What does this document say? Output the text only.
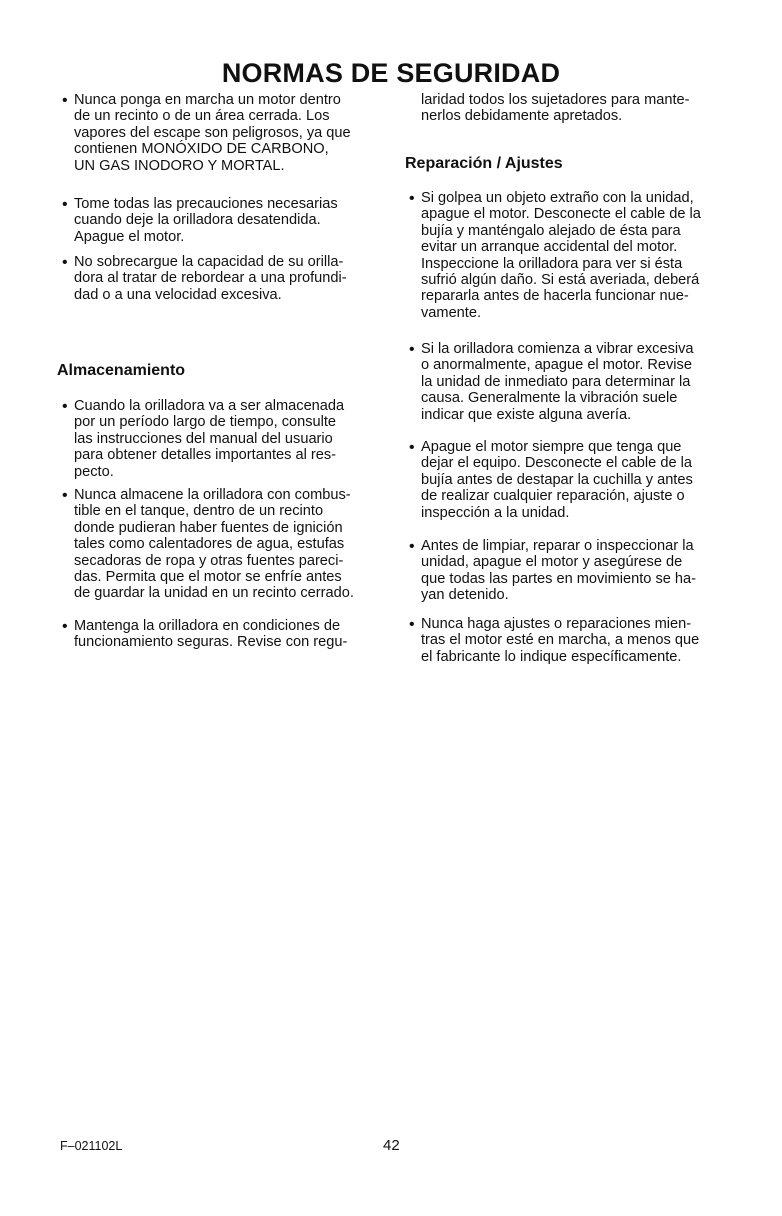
NORMAS DE SEGURIDAD
• Nunca ponga en marcha un motor dentro
de un recinto o de un área cerrada. Los
vapores del escape son peligrosos, ya que
contienen MONÓXIDO DE CARBONO,
UN GAS INODORO Y MORTAL.
• Tome todas las precauciones necesarias
cuando deje la orilladora desatendida.
Apague el motor.
• No sobrecargue la capacidad de su orilla-
dora al tratar de rebordear a una profundi-
dad o a una velocidad excesiva.
Almacenamiento
• Cuando la orilladora va a ser almacenada
por un período largo de tiempo, consulte
las instrucciones del manual del usuario
para obtener detalles importantes al res-
pecto.
• Nunca almacene la orilladora con combus-
tible en el tanque, dentro de un recinto
donde pudieran haber fuentes de ignición
tales como calentadores de agua, estufas
secadoras de ropa y otras fuentes pareci-
das. Permita que el motor se enfríe antes
de guardar la unidad en un recinto cerrado.
• Mantenga la orilladora en condiciones de
funcionamiento seguras. Revise con regu-
laridad todos los sujetadores para mante-
nerlos debidamente apretados.
Reparación / Ajustes
• Si golpea un objeto extraño con la unidad,
apague el motor. Desconecte el cable de la
bujía y manténgalo alejado de ésta para
evitar un arranque accidental del motor.
Inspeccione la orilladora para ver si ésta
sufrió algún daño. Si está averiada, deberá
repararla antes de hacerla funcionar nue-
vamente.
• Si la orilladora comienza a vibrar excesiva
o anormalmente, apague el motor. Revise
la unidad de inmediato para determinar la
causa. Generalmente la vibración suele
indicar que existe alguna avería.
• Apague el motor siempre que tenga que
dejar el equipo. Desconecte el cable de la
bujía antes de destapar la cuchilla y antes
de realizar cualquier reparación, ajuste o
inspección a la unidad.
• Antes de limpiar, reparar o inspeccionar la
unidad, apague el motor y asegúrese de
que todas las partes en movimiento se ha-
yan detenido.
• Nunca haga ajustes o reparaciones mien-
tras el motor esté en marcha, a menos que
el fabricante lo indique específicamente.
F–021102L	42
